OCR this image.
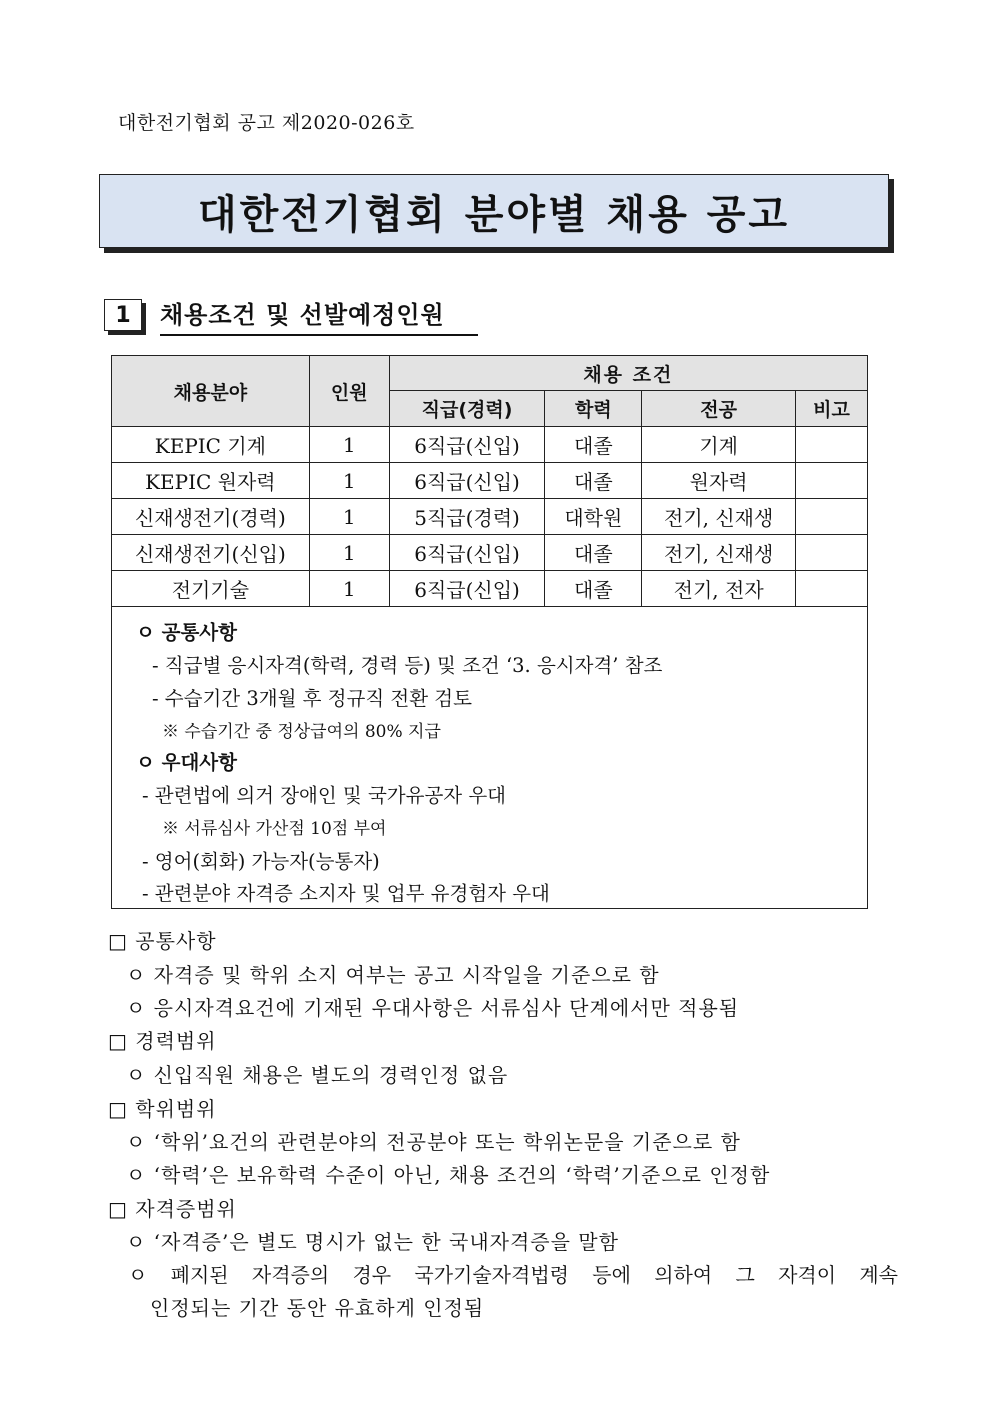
대한전기협회 공고 제2020-026호
대한전기협회 분야별 채용 공고
1	채용조건 및 선발예정인원
채용분야	인원	채용 조건			
		직급(경력)	학력	전공	비고
KEPIC 기계	1	6직급(신입)	대졸	기계	
KEPIC 원자력	1	6직급(신입)	대졸	원자력	
신재생전기(경력)	1	5직급(경력)	대학원	전기, 신재생	
신재생전기(신입)	1	6직급(신입)	대졸	전기, 신재생	
전기기술	1	6직급(신입)	대졸	전기, 전자	
ㅇ 공통사항
- 직급별 응시자격(학력, 경력 등) 및 조건 ‘3. 응시자격’ 참조
- 수습기간 3개월 후 정규직 전환 검토
※ 수습기간 중 정상급여의 80% 지급
ㅇ 우대사항
- 관련법에 의거 장애인 및 국가유공자 우대
※ 서류심사 가산점 10점 부여
- 영어(회화) 가능자(능통자)
- 관련분야 자격증 소지자 및 업무 유경험자 우대
□ 공통사항
ㅇ 자격증 및 학위 소지 여부는 공고 시작일을 기준으로 함
ㅇ 응시자격요건에 기재된 우대사항은 서류심사 단계에서만 적용됨
□ 경력범위
ㅇ 신입직원 채용은 별도의 경력인정 없음
□ 학위범위
ㅇ ‘학위’요건의 관련분야의 전공분야 또는 학위논문을 기준으로 함
ㅇ ‘학력’은 보유학력 수준이 아닌, 채용 조건의 ‘학력’기준으로 인정함
□ 자격증범위
ㅇ ‘자격증’은 별도 명시가 없는 한 국내자격증을 말함
ㅇ 폐지된 자격증의 경우 국가기술자격법령 등에 의하여 그 자격이 계속
인정되는 기간 동안 유효하게 인정됨
